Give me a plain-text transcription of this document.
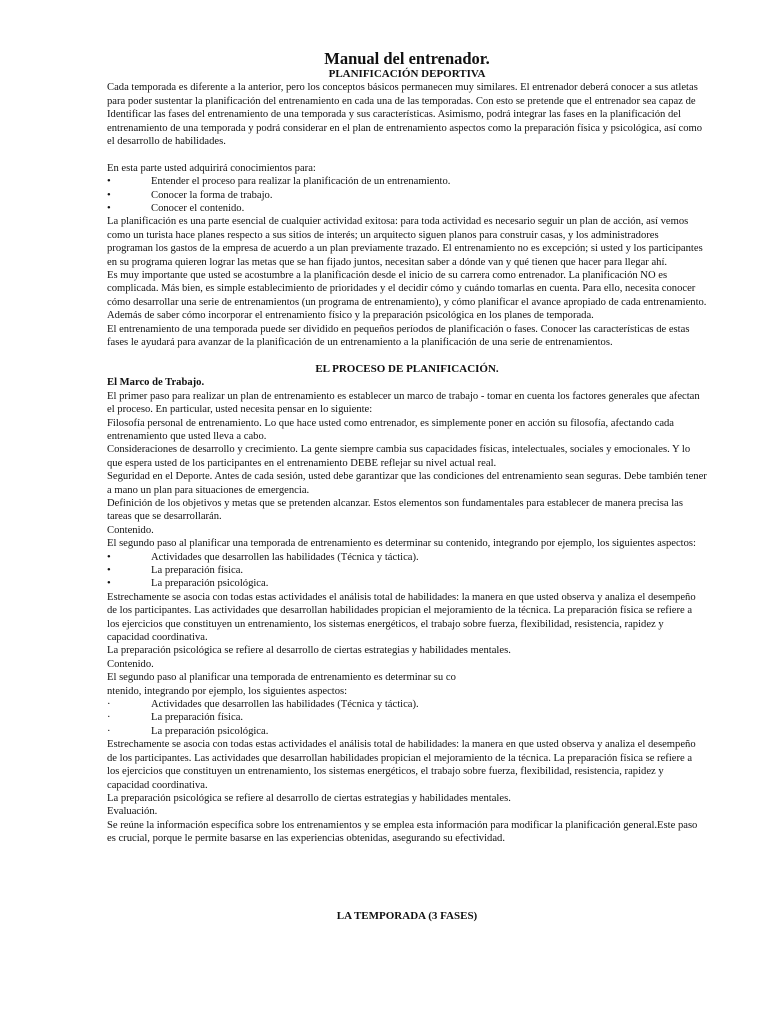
Manual del entrenador.

PLANIFICACIÓN DEPORTIVA

Cada temporada es diferente a la anterior, pero los conceptos básicos permanecen muy similares. El entrenador deberá conocer a sus atletas para poder sustentar la planificación del entrenamiento en cada una de las temporadas. Con esto se pretende que el entrenador sea capaz de Identificar las fases del entrenamiento de una temporada y sus características. Asimismo, podrá integrar las fases en la planificación del entrenamiento de una temporada y podrá considerar en el plan de entrenamiento aspectos como la preparación física y psicológica, así como el desarrollo de habilidades.

En esta parte usted adquirirá conocimientos para:

•	Entender el proceso para realizar la planificación de un entrenamiento.
•	Conocer la forma de trabajo.
•	Conocer el contenido.

La planificación es una parte esencial de cualquier actividad exitosa: para toda actividad es necesario seguir un plan de acción, así vemos como un turista hace planes respecto a sus sitios de interés; un arquitecto siguen planos para construir casas, y los administradores programan los gastos de la empresa de acuerdo a un plan previamente trazado. El entrenamiento no es excepción; si usted y los participantes en su programa quieren lograr las metas que se han fijado juntos, necesitan saber a dónde van y qué tienen que hacer para llegar ahí.

Es muy importante que usted se acostumbre a la planificación desde el inicio de su carrera como entrenador. La planificación NO es complicada. Más bien, es simple establecimiento de prioridades y el decidir cómo y cuándo tomarlas en cuenta. Para ello, necesita conocer cómo desarrollar una serie de entrenamientos (un programa de entrenamiento), y cómo planificar el avance apropiado de cada entrenamiento. Además de saber cómo incorporar el entrenamiento físico y la preparación psicológica en los planes de temporada.

El entrenamiento de una temporada puede ser dividido en pequeños períodos de planificación o fases. Conocer las características de estas fases le ayudará para avanzar de la planificación de un entrenamiento a la planificación de una serie de entrenamientos.

EL PROCESO DE PLANIFICACIÓN.

El Marco de Trabajo.

El primer paso para realizar un plan de entrenamiento es establecer un marco de trabajo - tomar en cuenta los factores generales que afectan el proceso. En particular, usted necesita pensar en lo siguiente:

Filosofía personal de entrenamiento. Lo que hace usted como entrenador, es simplemente poner en acción su filosofía, afectando cada entrenamiento que usted lleva a cabo.

Consideraciones de desarrollo y crecimiento. La gente siempre cambia sus capacidades físicas, intelectuales, sociales y emocionales. Y lo que espera usted de los participantes en el entrenamiento DEBE reflejar su nivel actual real.

Seguridad en el Deporte. Antes de cada sesión, usted debe garantizar que las condiciones del entrenamiento sean seguras. Debe también tener a mano un plan para situaciones de emergencia.

Definición de los objetivos y metas que se pretenden alcanzar. Estos elementos son fundamentales para establecer de manera precisa las tareas que se desarrollarán.

Contenido.

El segundo paso al planificar una temporada de entrenamiento es determinar su contenido, integrando por ejemplo, los siguientes aspectos:

•	Actividades que desarrollen las habilidades (Técnica y táctica).
•	La preparación física.
•	La preparación psicológica.

Estrechamente se asocia con todas estas actividades el análisis total de habilidades: la manera en que usted observa y analiza el desempeño de los participantes. Las actividades que desarrollan habilidades propician el mejoramiento de la técnica. La preparación física se refiere a los ejercicios que constituyen un entrenamiento, los sistemas energéticos, el trabajo sobre fuerza, flexibilidad, resistencia, rapidez y capacidad coordinativa.

La preparación psicológica se refiere al desarrollo de ciertas estrategias y habilidades mentales.

Contenido.

El segundo paso al planificar una temporada de entrenamiento es determinar su co

ntenido, integrando por ejemplo, los siguientes aspectos:

·	Actividades que desarrollen las habilidades (Técnica y táctica).
·	La preparación física.
·	La preparación psicológica.

Estrechamente se asocia con todas estas actividades el análisis total de habilidades: la manera en que usted observa y analiza el desempeño de los participantes. Las actividades que desarrollan habilidades propician el mejoramiento de la técnica. La preparación física se refiere a los ejercicios que constituyen un entrenamiento, los sistemas energéticos, el trabajo sobre fuerza, flexibilidad, resistencia, rapidez y capacidad coordinativa.

La preparación psicológica se refiere al desarrollo de ciertas estrategias y habilidades mentales.

Evaluación.

Se reúne la información específica sobre los entrenamientos y se emplea esta información para modificar la planificación general.Este paso es crucial, porque le permite basarse en las experiencias obtenidas, asegurando su efectividad.

LA TEMPORADA (3 FASES)
